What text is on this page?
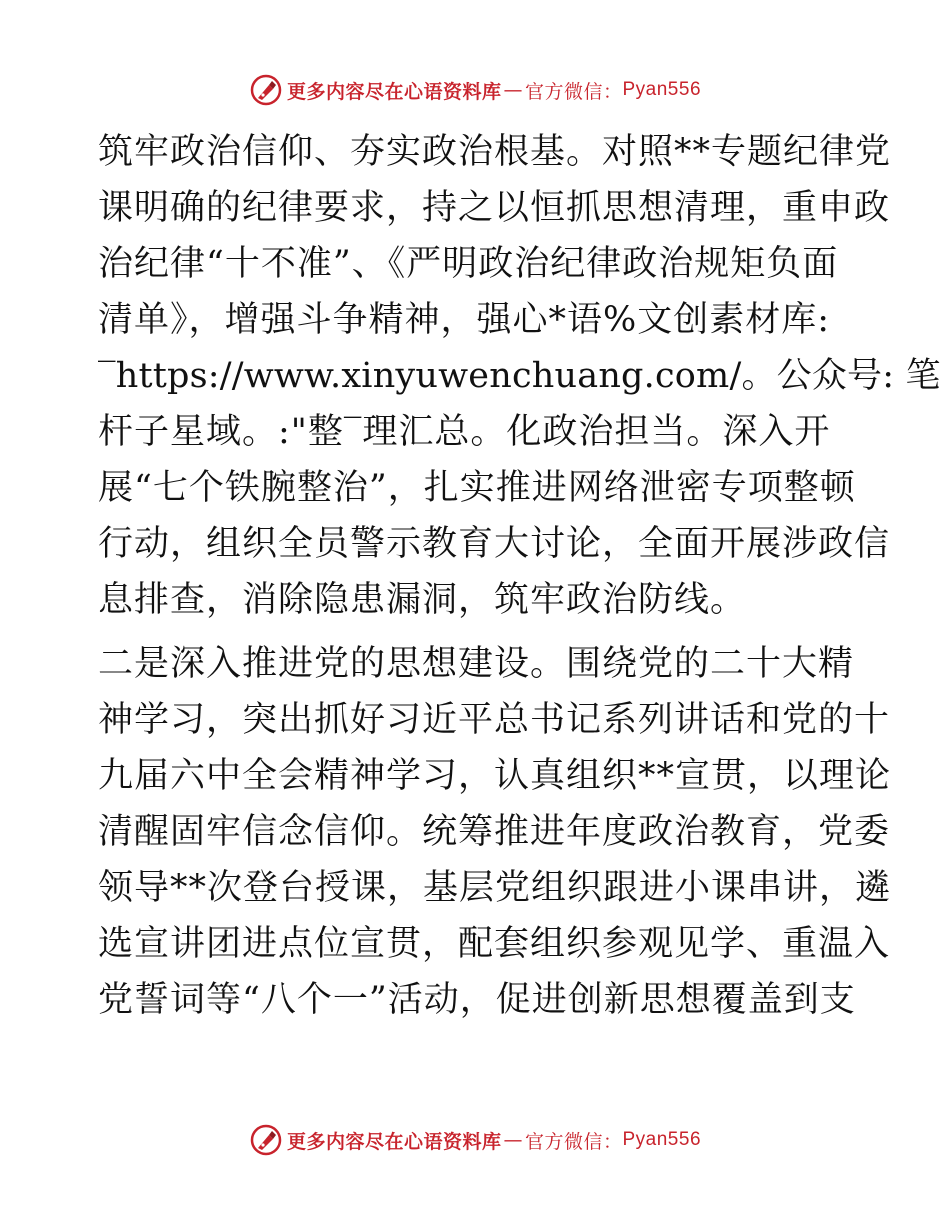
更多内容尽在心语资料库 — 官方微信： Pyan556
筑牢政治信仰、夯实政治根基。对照**专题纪律党
课明确的纪律要求，持之以恒抓思想清理，重申政
治纪律“十不准”、《严明政治纪律政治规矩负面
清单》，增强斗争精神，强心*语%文创素材库:
‾https://www.xinyuwenchuang.com/。公众号: 笔
杆子星域。:"整‾理汇总。化政治担当。深入开
展“七个铁腕整治”，扎实推进网络泄密专项整顿
行动，组织全员警示教育大讨论，全面开展涉政信
息排查，消除隐患漏洞，筑牢政治防线。
二是深入推进党的思想建设。围绕党的二十大精
神学习，突出抓好习近平总书记系列讲话和党的十
九届六中全会精神学习，认真组织**宣贯，以理论
清醒固牢信念信仰。统筹推进年度政治教育，党委
领导**次登台授课，基层党组织跟进小课串讲，遴
选宣讲团进点位宣贯，配套组织参观见学、重温入
党誓词等“八个一”活动，促进创新思想覆盖到支
更多内容尽在心语资料库 — 官方微信： Pyan556
